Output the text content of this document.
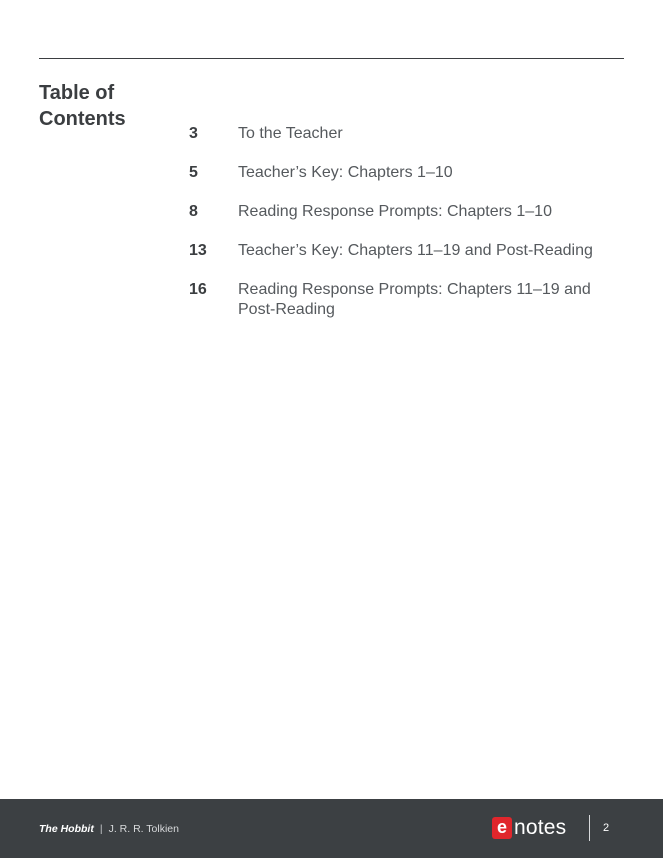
Table of
Contents
3	To the Teacher
5	Teacher’s Key: Chapters 1–10
8	Reading Response Prompts: Chapters 1–10
13	Teacher’s Key: Chapters 11–19 and Post-Reading
16	Reading Response Prompts: Chapters 11–19 and Post-Reading
The Hobbit | J. R. R. Tolkien	e notes	2
